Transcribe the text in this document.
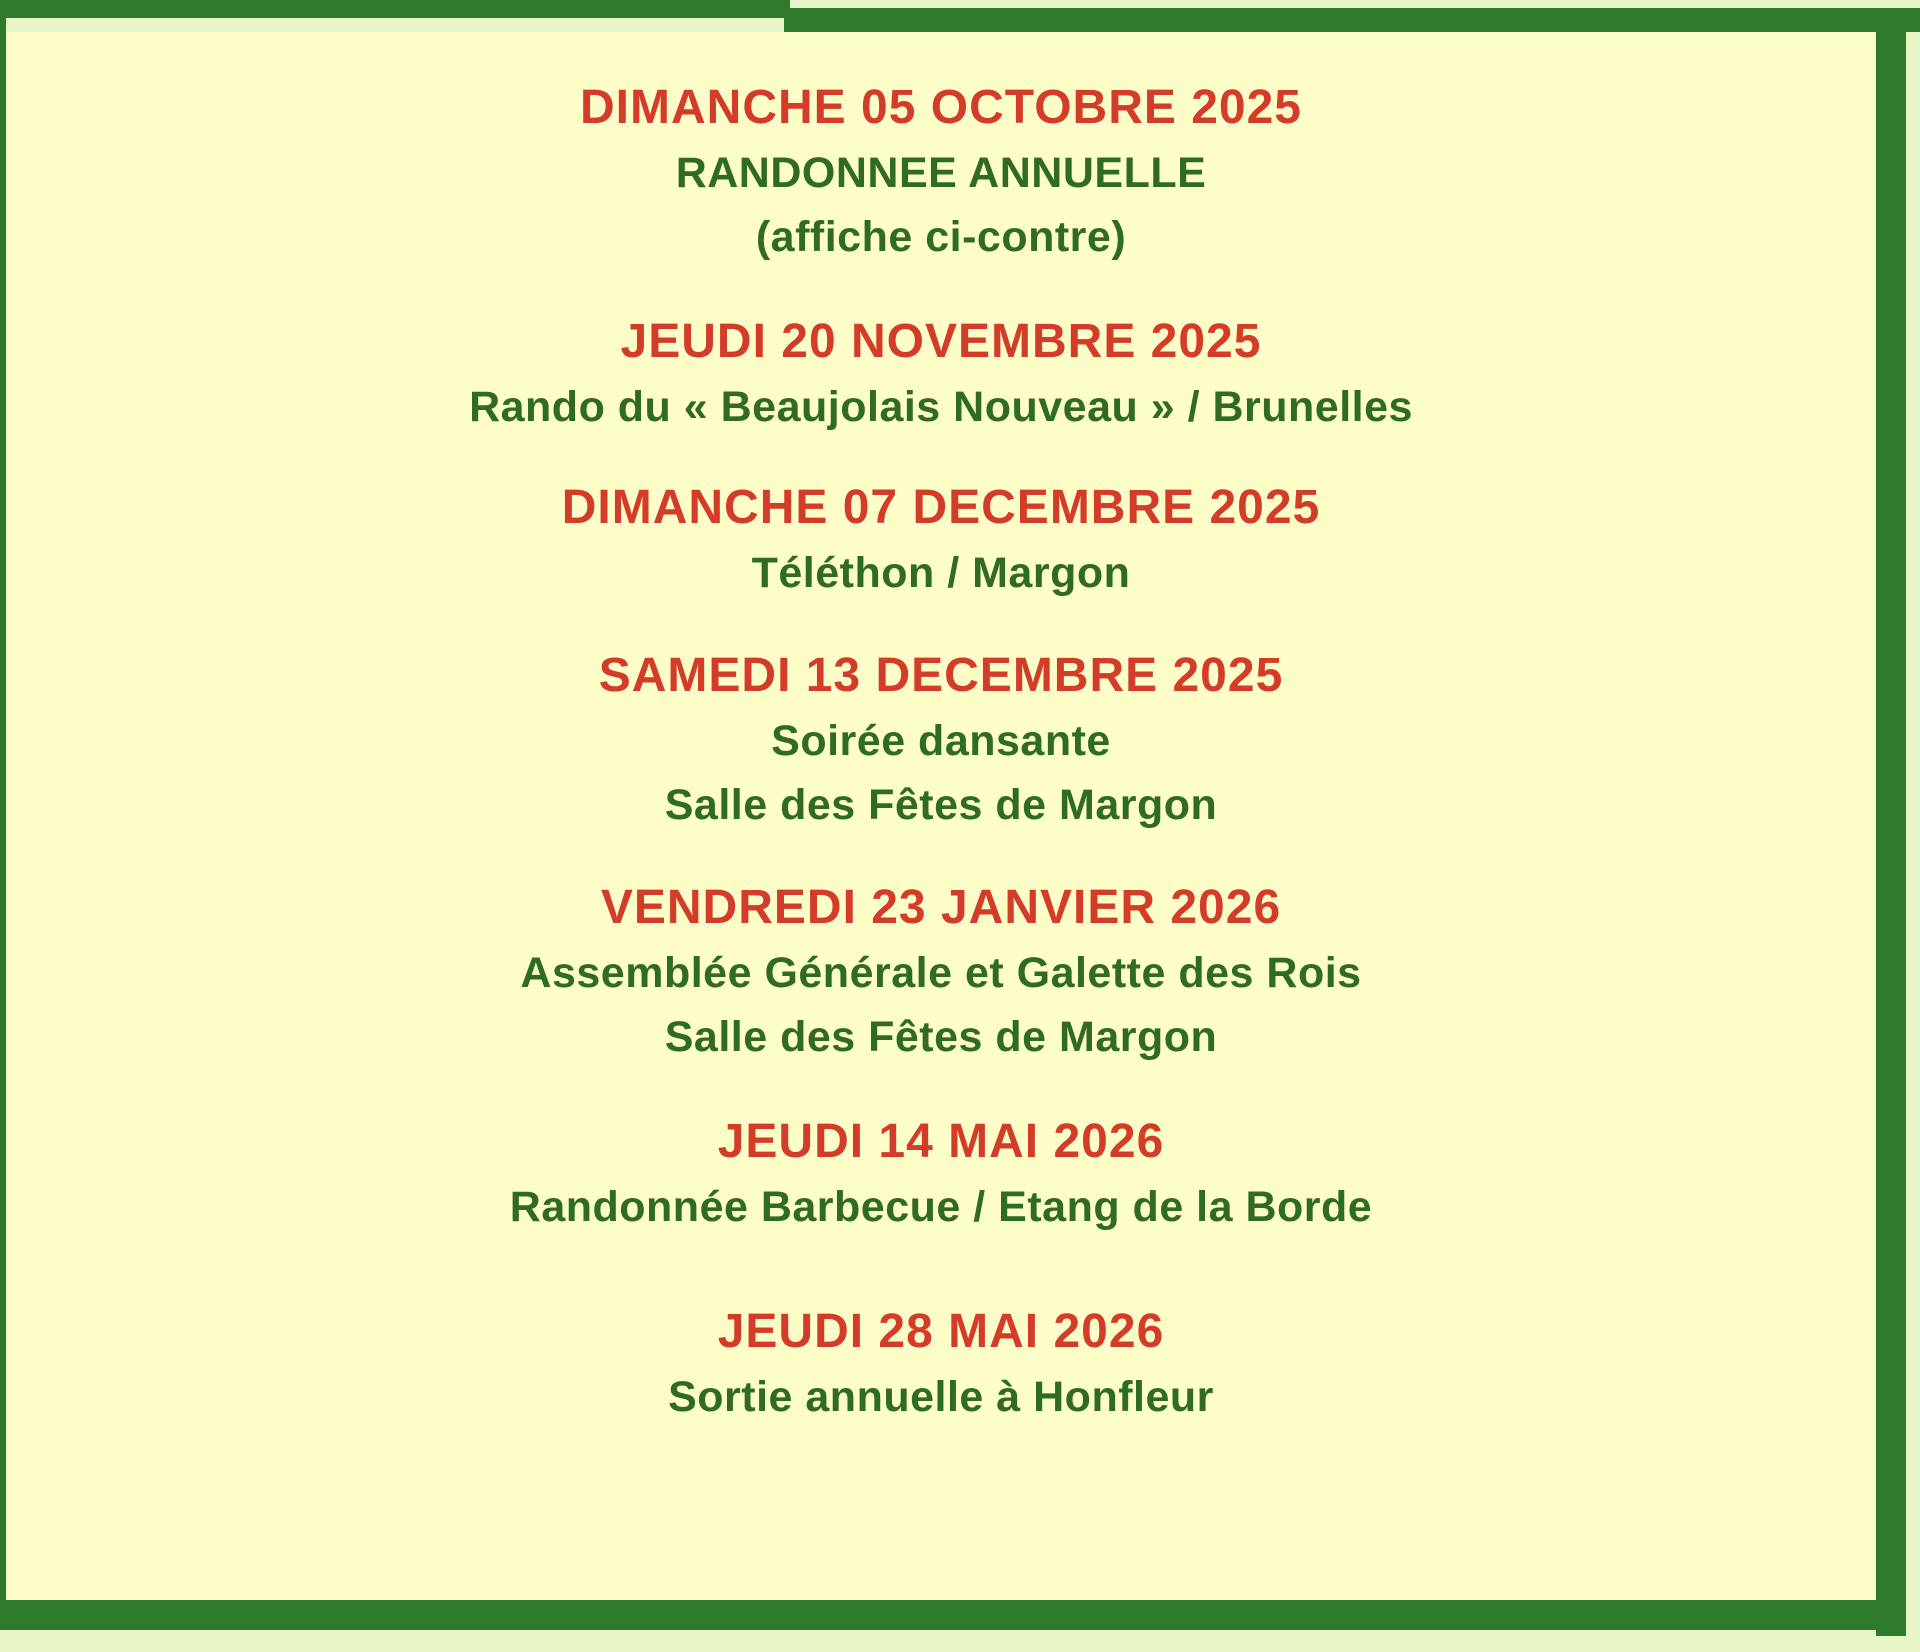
DIMANCHE 05 OCTOBRE 2025
RANDONNEE ANNUELLE
(affiche ci-contre)
JEUDI 20 NOVEMBRE 2025
Rando du « Beaujolais Nouveau » / Brunelles
DIMANCHE 07 DECEMBRE 2025
Téléthon / Margon
SAMEDI 13 DECEMBRE 2025
Soirée dansante
Salle des Fêtes de Margon
VENDREDI 23 JANVIER 2026
Assemblée Générale et Galette des Rois
Salle des Fêtes de Margon
JEUDI 14 MAI 2026
Randonnée Barbecue / Etang de la Borde
JEUDI 28 MAI 2026
Sortie annuelle à Honfleur
